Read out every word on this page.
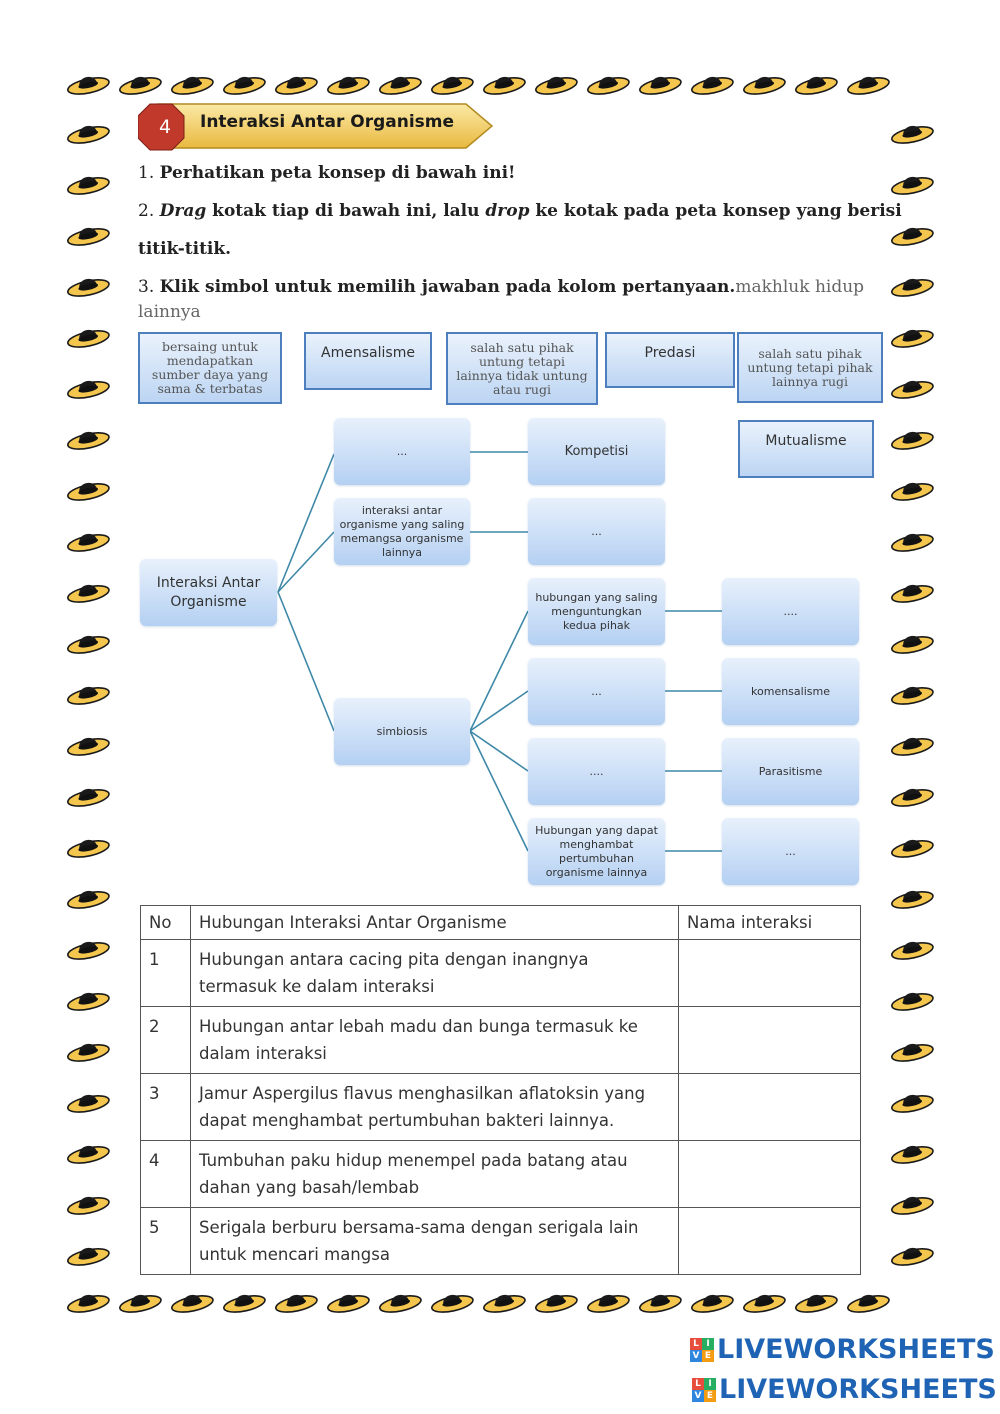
4 Interaksi Antar Organisme
1. Perhatikan peta konsep di bawah ini!
2. Drag kotak tiap di bawah ini, lalu drop ke kotak pada peta konsep yang berisi
titik-titik.
3. Klik simbol untuk memilih jawaban pada kolom pertanyaan.makhluk hidup
lainnya
bersaing untuk mendapatkan sumber daya yang sama & terbatas
Amensalisme	salah satu pihak untung tetapi lainnya tidak untung atau rugi
Predasi	salah satu pihak untung tetapi pihak lainnya rugi
Mutualisme
Interaksi Antar Organisme
...	Kompetisi
interaksi antar organisme yang saling memangsa organisme lainnya
...
simbiosis
hubungan yang saling menguntungkan kedua pihak
....
...	komensalisme
....	Parasitisme
Hubungan yang dapat menghambat pertumbuhan organisme lainnya
...
No	Hubungan Interaksi Antar Organisme	Nama interaksi
1	Hubungan antara cacing pita dengan inangnya termasuk ke dalam interaksi	
2	Hubungan antar lebah madu dan bunga termasuk ke dalam interaksi	
3	Jamur Aspergilus flavus menghasilkan aflatoksin yang dapat menghambat pertumbuhan bakteri lainnya.	
4	Tumbuhan paku hidup menempel pada batang atau dahan yang basah/lembab	
5	Serigala berburu bersama-sama dengan serigala lain untuk mencari mangsa	
L I
V E LIVEWORKSHEETS
L I
V E LIVEWORKSHEETS
